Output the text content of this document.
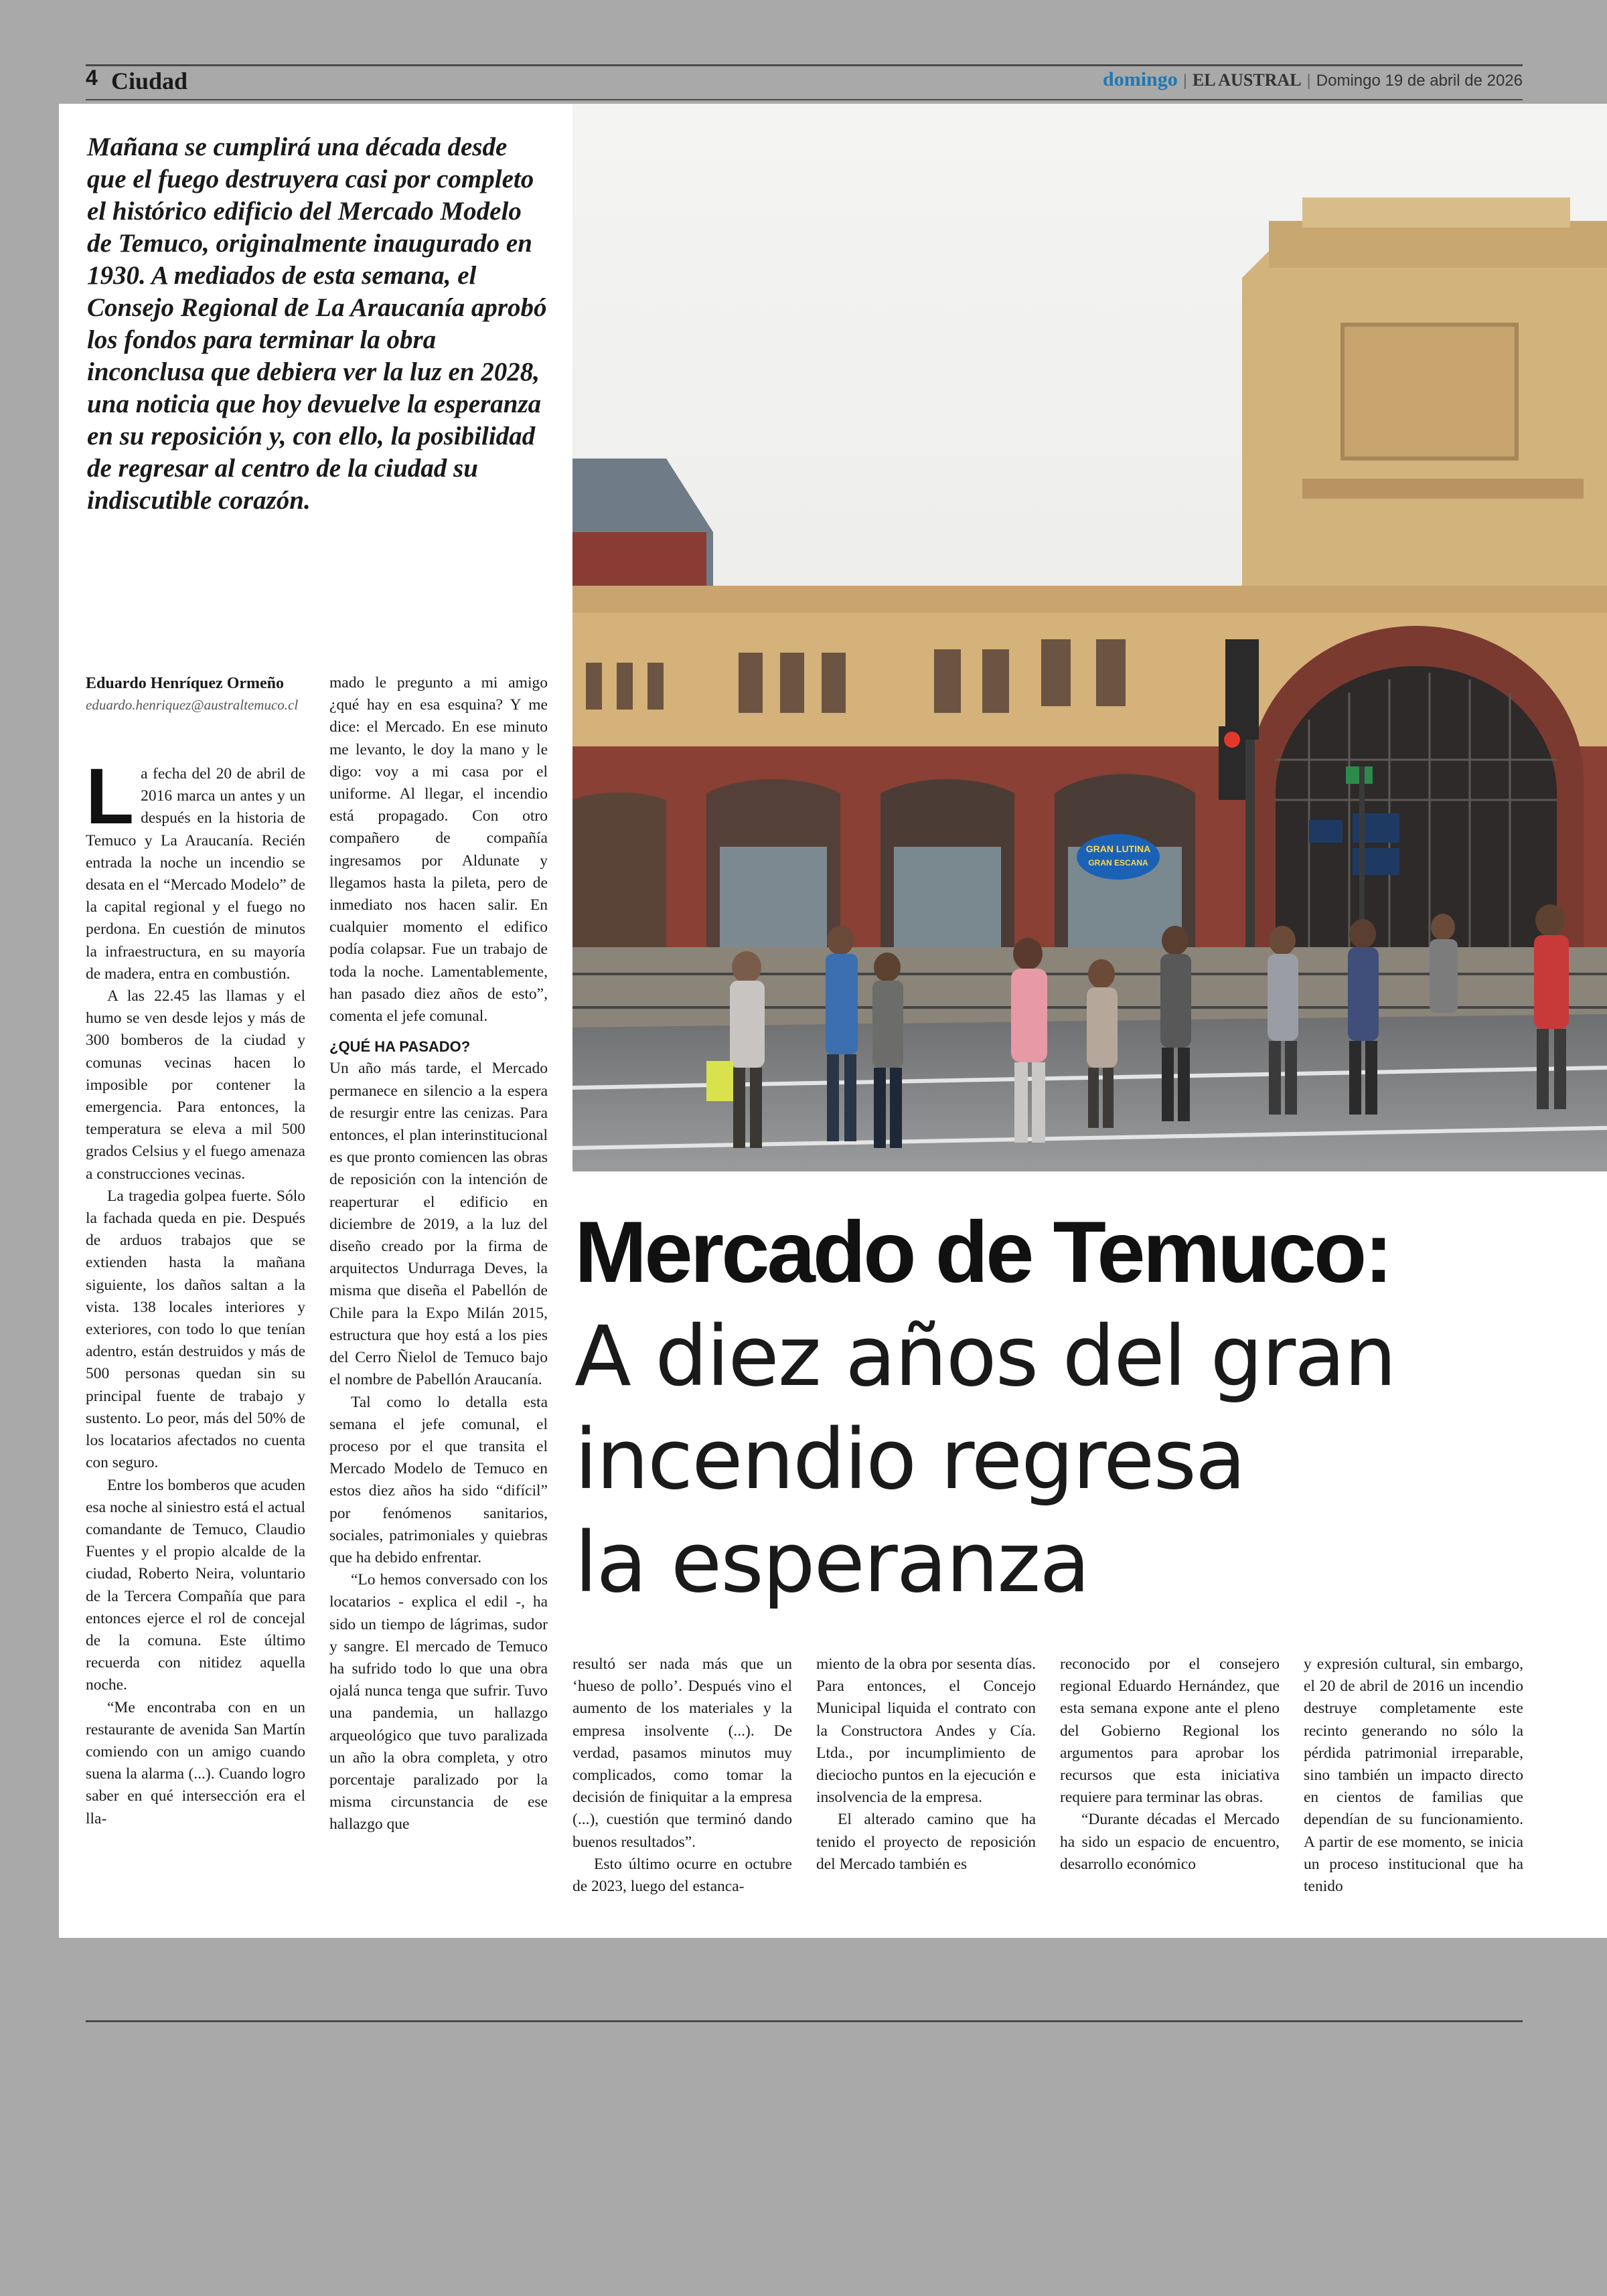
4 Ciudad	domingo | EL AUSTRAL | Domingo 19 de abril de 2026
Mañana se cumplirá una década desde que el fuego destruyera casi por completo el histórico edificio del Mercado Modelo de Temuco, originalmente inaugurado en 1930. A mediados de esta semana, el Consejo Regional de La Araucanía aprobó los fondos para terminar la obra inconclusa que debiera ver la luz en 2028, una noticia que hoy devuelve la esperanza en su reposición y, con ello, la posibilidad de regresar al centro de la ciudad su indiscutible corazón.
GRAN LUTINA
GRAN ESCANA
Eduardo Henríquez Ormeño
eduardo.henriquez@australtemuco.cl

La fecha del 20 de abril de 2016 marca un antes y un después en la historia de Temuco y La Araucanía. Recién entrada la noche un incendio se desata en el “Mercado Modelo” de la capital regional y el fuego no perdona. En cuestión de minutos la infraestructura, en su mayoría de madera, entra en combustión.

A las 22.45 las llamas y el humo se ven desde lejos y más de 300 bomberos de la ciudad y comunas vecinas hacen lo imposible por contener la emergencia. Para entonces, la temperatura se eleva a mil 500 grados Celsius y el fuego amenaza a construcciones vecinas.

La tragedia golpea fuerte. Sólo la fachada queda en pie. Después de arduos trabajos que se extienden hasta la mañana siguiente, los daños saltan a la vista. 138 locales interiores y exteriores, con todo lo que tenían adentro, están destruidos y más de 500 personas quedan sin su principal fuente de trabajo y sustento. Lo peor, más del 50% de los locatarios afectados no cuenta con seguro.

Entre los bomberos que acuden esa noche al siniestro está el actual comandante de Temuco, Claudio Fuentes y el propio alcalde de la ciudad, Roberto Neira, voluntario de la Tercera Compañía que para entonces ejerce el rol de concejal de la comuna. Este último recuerda con nitidez aquella noche.

“Me encontraba con en un restaurante de avenida San Martín comiendo con un amigo cuando suena la alarma (...). Cuando logro saber en qué intersección era el lla-

mado le pregunto a mi amigo ¿qué hay en esa esquina? Y me dice: el Mercado. En ese minuto me levanto, le doy la mano y le digo: voy a mi casa por el uniforme. Al llegar, el incendio está propagado. Con otro compañero de compañía ingresamos por Aldunate y llegamos hasta la pileta, pero de inmediato nos hacen salir. En cualquier momento el edifico podía colapsar. Fue un trabajo de toda la noche. Lamentablemente, han pasado diez años de esto”, comenta el jefe comunal.

¿QUÉ HA PASADO?

Un año más tarde, el Mercado permanece en silencio a la espera de resurgir entre las cenizas. Para entonces, el plan interinstitucional es que pronto comiencen las obras de reposición con la intención de reaperturar el edificio en diciembre de 2019, a la luz del diseño creado por la firma de arquitectos Undurraga Deves, la misma que diseña el Pabellón de Chile para la Expo Milán 2015, estructura que hoy está a los pies del Cerro Ñielol de Temuco bajo el nombre de Pabellón Araucanía.

Tal como lo detalla esta semana el jefe comunal, el proceso por el que transita el Mercado Modelo de Temuco en estos diez años ha sido “difícil” por fenómenos sanitarios, sociales, patrimoniales y quiebras que ha debido enfrentar.

“Lo hemos conversado con los locatarios - explica el edil -, ha sido un tiempo de lágrimas, sudor y sangre. El mercado de Temuco ha sufrido todo lo que una obra ojalá nunca tenga que sufrir. Tuvo una pandemia, un hallazgo arqueológico que tuvo paralizada un año la obra completa, y otro porcentaje paralizado por la misma circunstancia de ese hallazgo que

Mercado de Temuco:
A diez años del gran
incendio regresa
la esperanza

resultó ser nada más que un ‘hueso de pollo’. Después vino el aumento de los materiales y la empresa insolvente (...). De verdad, pasamos minutos muy complicados, como tomar la decisión de finiquitar a la empresa (...), cuestión que terminó dando buenos resultados”.

Esto último ocurre en octubre de 2023, luego del estanca-

miento de la obra por sesenta días. Para entonces, el Concejo Municipal liquida el contrato con la Constructora Andes y Cía. Ltda., por incumplimiento de dieciocho puntos en la ejecución e insolvencia de la empresa.

El alterado camino que ha tenido el proyecto de reposición del Mercado también es

reconocido por el consejero regional Eduardo Hernández, que esta semana expone ante el pleno del Gobierno Regional los argumentos para aprobar los recursos que esta iniciativa requiere para terminar las obras.

“Durante décadas el Mercado ha sido un espacio de encuentro, desarrollo económico

y expresión cultural, sin embargo, el 20 de abril de 2016 un incendio destruye completamente este recinto generando no sólo la pérdida patrimonial irreparable, sino también un impacto directo en cientos de familias que dependían de su funcionamiento. A partir de ese momento, se inicia un proceso institucional que ha tenido
